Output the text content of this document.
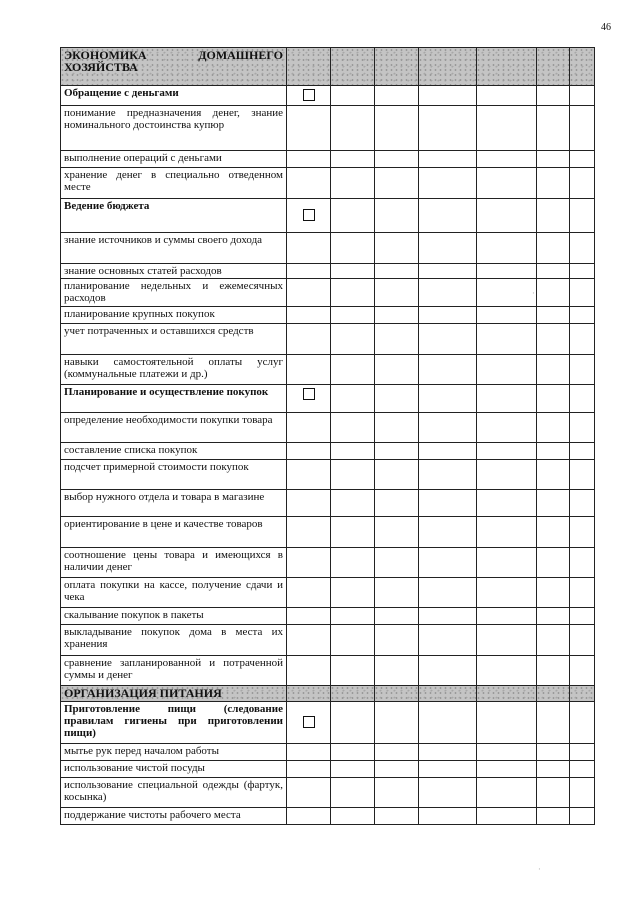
46
ЭКОНОМИКА ДОМАШНЕГО ХОЗЯЙСТВА							
Обращение с деньгами							
понимание предназначения денег, знание номинального достоинства купюр							
выполнение операций с деньгами							
хранение денег в специально отведенном месте							
Ведение бюджета							
знание источников и суммы своего дохода							
знание основных статей расходов							
планирование недельных и ежемесячных расходов							
планирование крупных покупок							
учет потраченных и оставшихся средств							
навыки самостоятельной оплаты услуг (коммунальные платежи и др.)							
Планирование и осуществление покупок							
определение необходимости покупки товара							
составление списка покупок							
подсчет примерной стоимости покупок							
выбор нужного отдела и товара в магазине							
ориентирование в цене и качестве товаров							
соотношение цены товара и имеющихся в наличии денег							
оплата покупки на кассе, получение сдачи и чека							
скалывание покупок в пакеты							
выкладывание покупок дома в места их хранения							
сравнение запланированной и потраченной суммы и денег							
ОРГАНИЗАЦИЯ ПИТАНИЯ							
Приготовление пищи (следование правилам гигиены при приготовлении пищи)							
мытье рук перед началом работы							
использование чистой посуды							
использование специальной одежды (фартук, косынка)							
поддержание чистоты рабочего места							
ˌ
ˌ
ˌ
